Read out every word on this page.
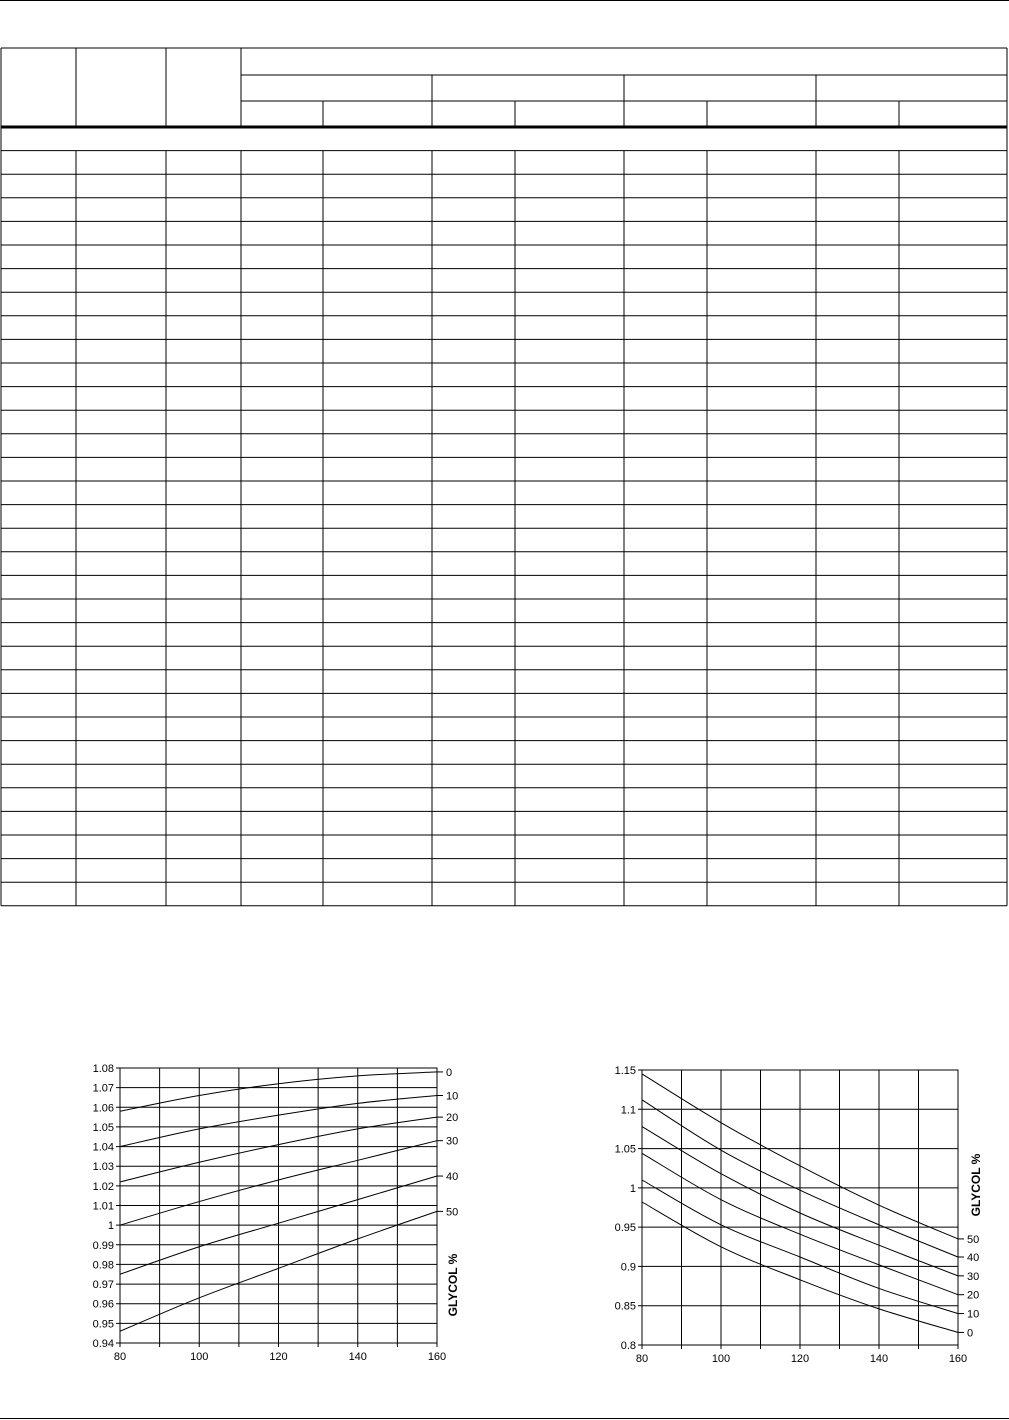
0.94
0.95
0.96
0.97
0.98
0.99
1
1.01
1.02
1.03
1.04
1.05
1.06
1.07
1.08
80	100	120	140	160
0
10
20
30
40
50
GLYCOL %
0.8
0.85
0.9
0.95
1
1.05
1.1
1.15
80	100	120	140	160
50
40
30
20
10
0
GLYCOL %
